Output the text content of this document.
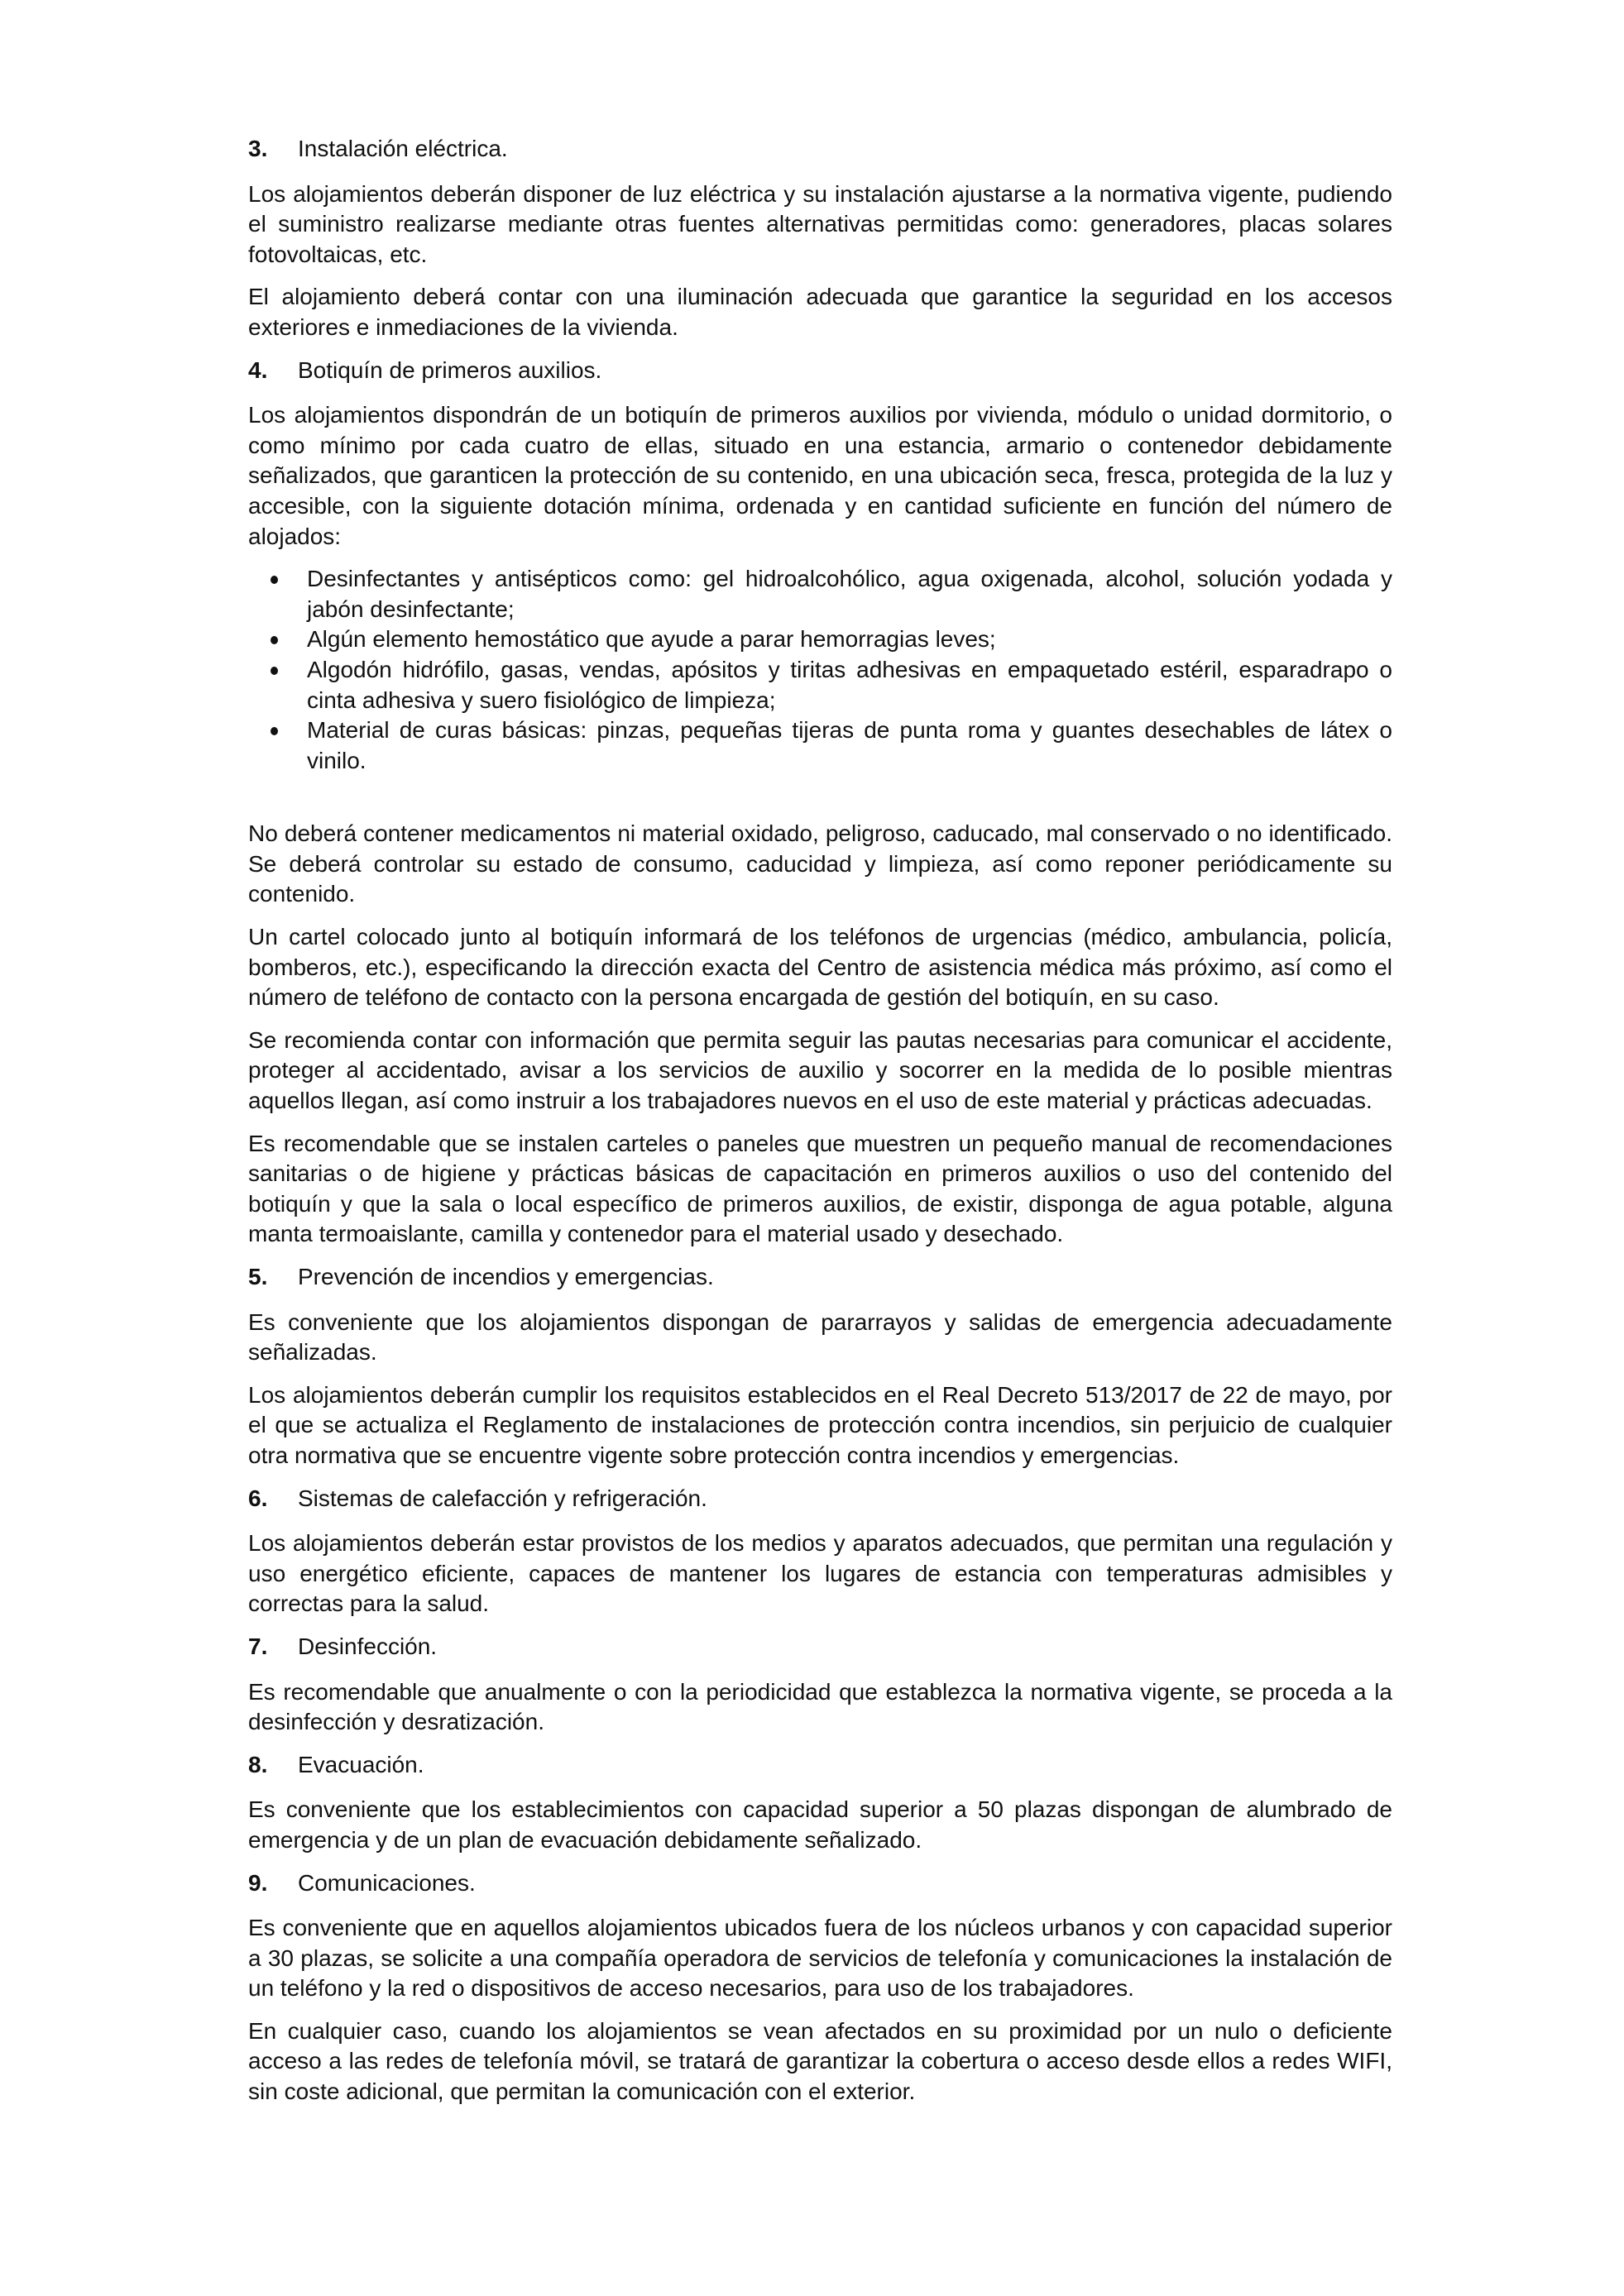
3.	Instalación eléctrica.

Los alojamientos deberán disponer de luz eléctrica y su instalación ajustarse a la normativa vigente, pudiendo el suministro realizarse mediante otras fuentes alternativas permitidas como: generadores, placas solares fotovoltaicas, etc.

El alojamiento deberá contar con una iluminación adecuada que garantice la seguridad en los accesos exteriores e inmediaciones de la vivienda.

4.	Botiquín de primeros auxilios.

Los alojamientos dispondrán de un botiquín de primeros auxilios por vivienda, módulo o unidad dormitorio, o como mínimo por cada cuatro de ellas, situado en una estancia, armario o contenedor debidamente señalizados, que garanticen la protección de su contenido, en una ubicación seca, fresca, protegida de la luz y accesible, con la siguiente dotación mínima, ordenada y en cantidad suficiente en función del número de alojados:

Desinfectantes y antisépticos como: gel hidroalcohólico, agua oxigenada, alcohol, solución yodada y jabón desinfectante;
Algún elemento hemostático que ayude a parar hemorragias leves;
Algodón hidrófilo, gasas, vendas, apósitos y tiritas adhesivas en empaquetado estéril, esparadrapo o cinta adhesiva y suero fisiológico de limpieza;
Material de curas básicas: pinzas, pequeñas tijeras de punta roma y guantes desechables de látex o vinilo.

No deberá contener medicamentos ni material oxidado, peligroso, caducado, mal conservado o no identificado. Se deberá controlar su estado de consumo, caducidad y limpieza, así como reponer periódicamente su contenido.

Un cartel colocado junto al botiquín informará de los teléfonos de urgencias (médico, ambulancia, policía, bomberos, etc.), especificando la dirección exacta del Centro de asistencia médica más próximo, así como el número de teléfono de contacto con la persona encargada de gestión del botiquín, en su caso.

Se recomienda contar con información que permita seguir las pautas necesarias para comunicar el accidente, proteger al accidentado, avisar a los servicios de auxilio y socorrer en la medida de lo posible mientras aquellos llegan, así como instruir a los trabajadores nuevos en el uso de este material y prácticas adecuadas.

Es recomendable que se instalen carteles o paneles que muestren un pequeño manual de recomendaciones sanitarias o de higiene y prácticas básicas de capacitación en primeros auxilios o uso del contenido del botiquín y que la sala o local específico de primeros auxilios, de existir, disponga de agua potable, alguna manta termoaislante, camilla y contenedor para el material usado y desechado.

5.	Prevención de incendios y emergencias.

Es conveniente que los alojamientos dispongan de pararrayos y salidas de emergencia adecuadamente señalizadas.

Los alojamientos deberán cumplir los requisitos establecidos en el Real Decreto 513/2017 de 22 de mayo, por el que se actualiza el Reglamento de instalaciones de protección contra incendios, sin perjuicio de cualquier otra normativa que se encuentre vigente sobre protección contra incendios y emergencias.

6.	Sistemas de calefacción y refrigeración.

Los alojamientos deberán estar provistos de los medios y aparatos adecuados, que permitan una regulación y uso energético eficiente, capaces de mantener los lugares de estancia con temperaturas admisibles y correctas para la salud.

7.	Desinfección.

Es recomendable que anualmente o con la periodicidad que establezca la normativa vigente, se proceda a la desinfección y desratización.

8.	Evacuación.

Es conveniente que los establecimientos con capacidad superior a 50 plazas dispongan de alumbrado de emergencia y de un plan de evacuación debidamente señalizado.

9.	Comunicaciones.

Es conveniente que en aquellos alojamientos ubicados fuera de los núcleos urbanos y con capacidad superior a 30 plazas, se solicite a una compañía operadora de servicios de telefonía y comunicaciones la instalación de un teléfono y la red o dispositivos de acceso necesarios, para uso de los trabajadores.

En cualquier caso, cuando los alojamientos se vean afectados en su proximidad por un nulo o deficiente acceso a las redes de telefonía móvil, se tratará de garantizar la cobertura o acceso desde ellos a redes WIFI, sin coste adicional, que permitan la comunicación con el exterior.
